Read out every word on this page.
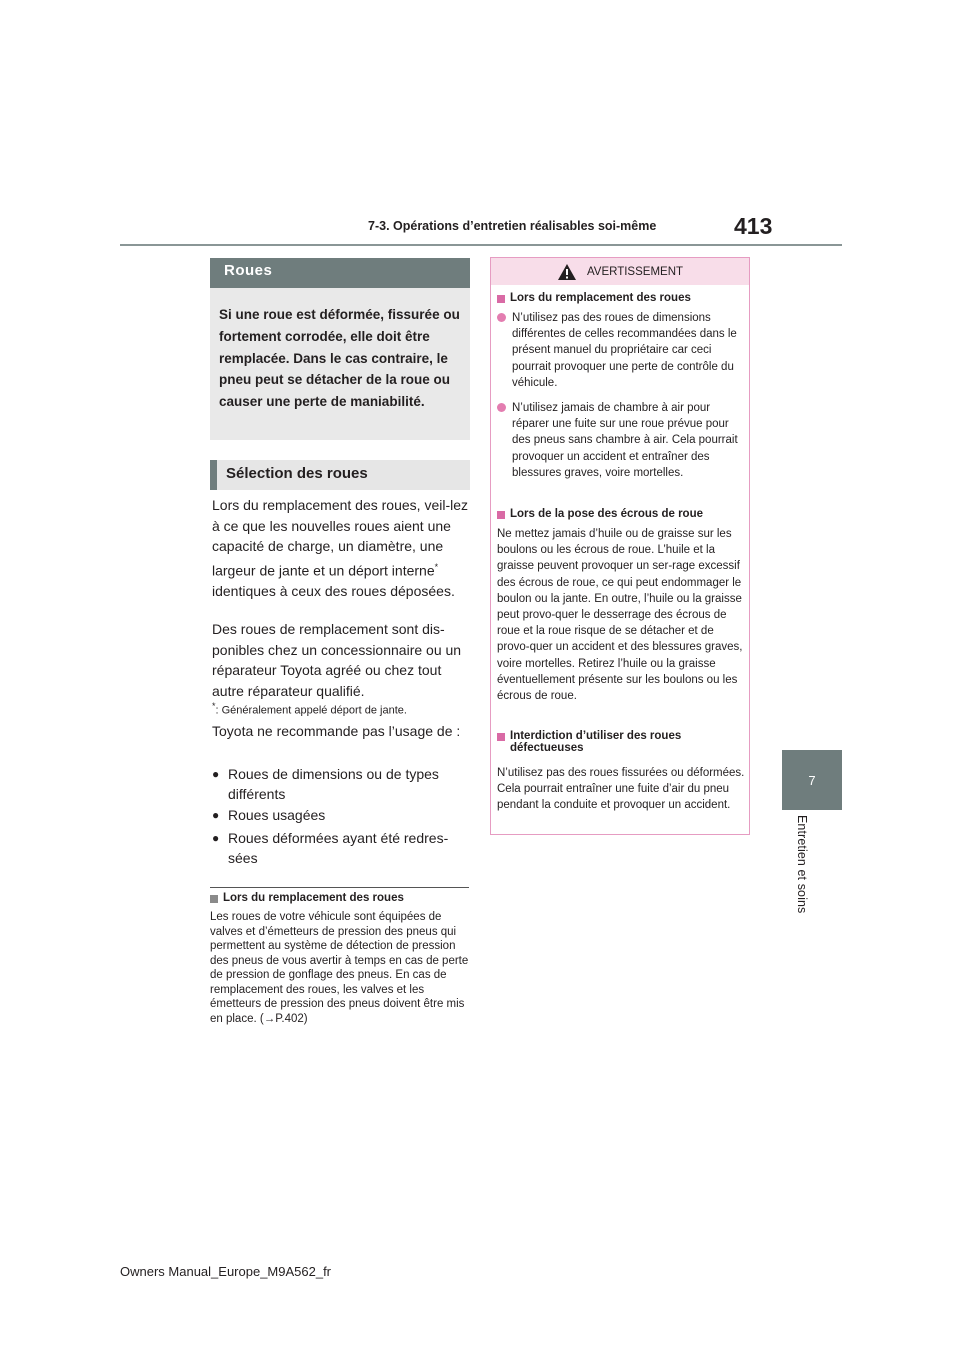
7-3. Opérations d’entretien réalisables soi-même	413
7
Entretien et soins
Roues
Si une roue est déformée, fissurée ou fortement corrodée, elle doit être remplacée. Dans le cas contraire, le pneu peut se détacher de la roue ou causer une perte de maniabilité.
Sélection des roues
Lors du remplacement des roues, veil-lez à ce que les nouvelles roues aient une capacité de charge, un diamètre, une largeur de jante et un déport interne* identiques à ceux des roues déposées.
Des roues de remplacement sont dis-ponibles chez un concessionnaire ou un réparateur Toyota agréé ou chez tout autre réparateur qualifié.
*: Généralement appelé déport de jante.
Toyota ne recommande pas l’usage de :
● Roues de dimensions ou de types différents
● Roues usagées
● Roues déformées ayant été redres-sées
Lors du remplacement des roues
Les roues de votre véhicule sont équipées de valves et d’émetteurs de pression des pneus qui permettent au système de détection de pression des pneus de vous avertir à temps en cas de perte de pression de gonflage des pneus. En cas de remplacement des roues, les valves et les émetteurs de pression des pneus doivent être mis en place. (→P.402)
AVERTISSEMENT
Lors du remplacement des roues
N’utilisez pas des roues de dimensions différentes de celles recommandées dans le présent manuel du propriétaire car ceci pourrait provoquer une perte de contrôle du véhicule.
N’utilisez jamais de chambre à air pour réparer une fuite sur une roue prévue pour des pneus sans chambre à air. Cela pourrait provoquer un accident et entraîner des blessures graves, voire mortelles.
Lors de la pose des écrous de roue
Ne mettez jamais d’huile ou de graisse sur les boulons ou les écrous de roue. L’huile et la graisse peuvent provoquer un ser-rage excessif des écrous de roue, ce qui peut endommager le boulon ou la jante. En outre, l’huile ou la graisse peut provo-quer le desserrage des écrous de roue et la roue risque de se détacher et de provo-quer un accident et des blessures graves, voire mortelles. Retirez l’huile ou la graisse éventuellement présente sur les boulons ou les écrous de roue.
Interdiction d’utiliser des roues défectueuses
N’utilisez pas des roues fissurées ou déformées. Cela pourrait entraîner une fuite d’air du pneu pendant la conduite et provoquer un accident.
Owners Manual_Europe_M9A562_fr
